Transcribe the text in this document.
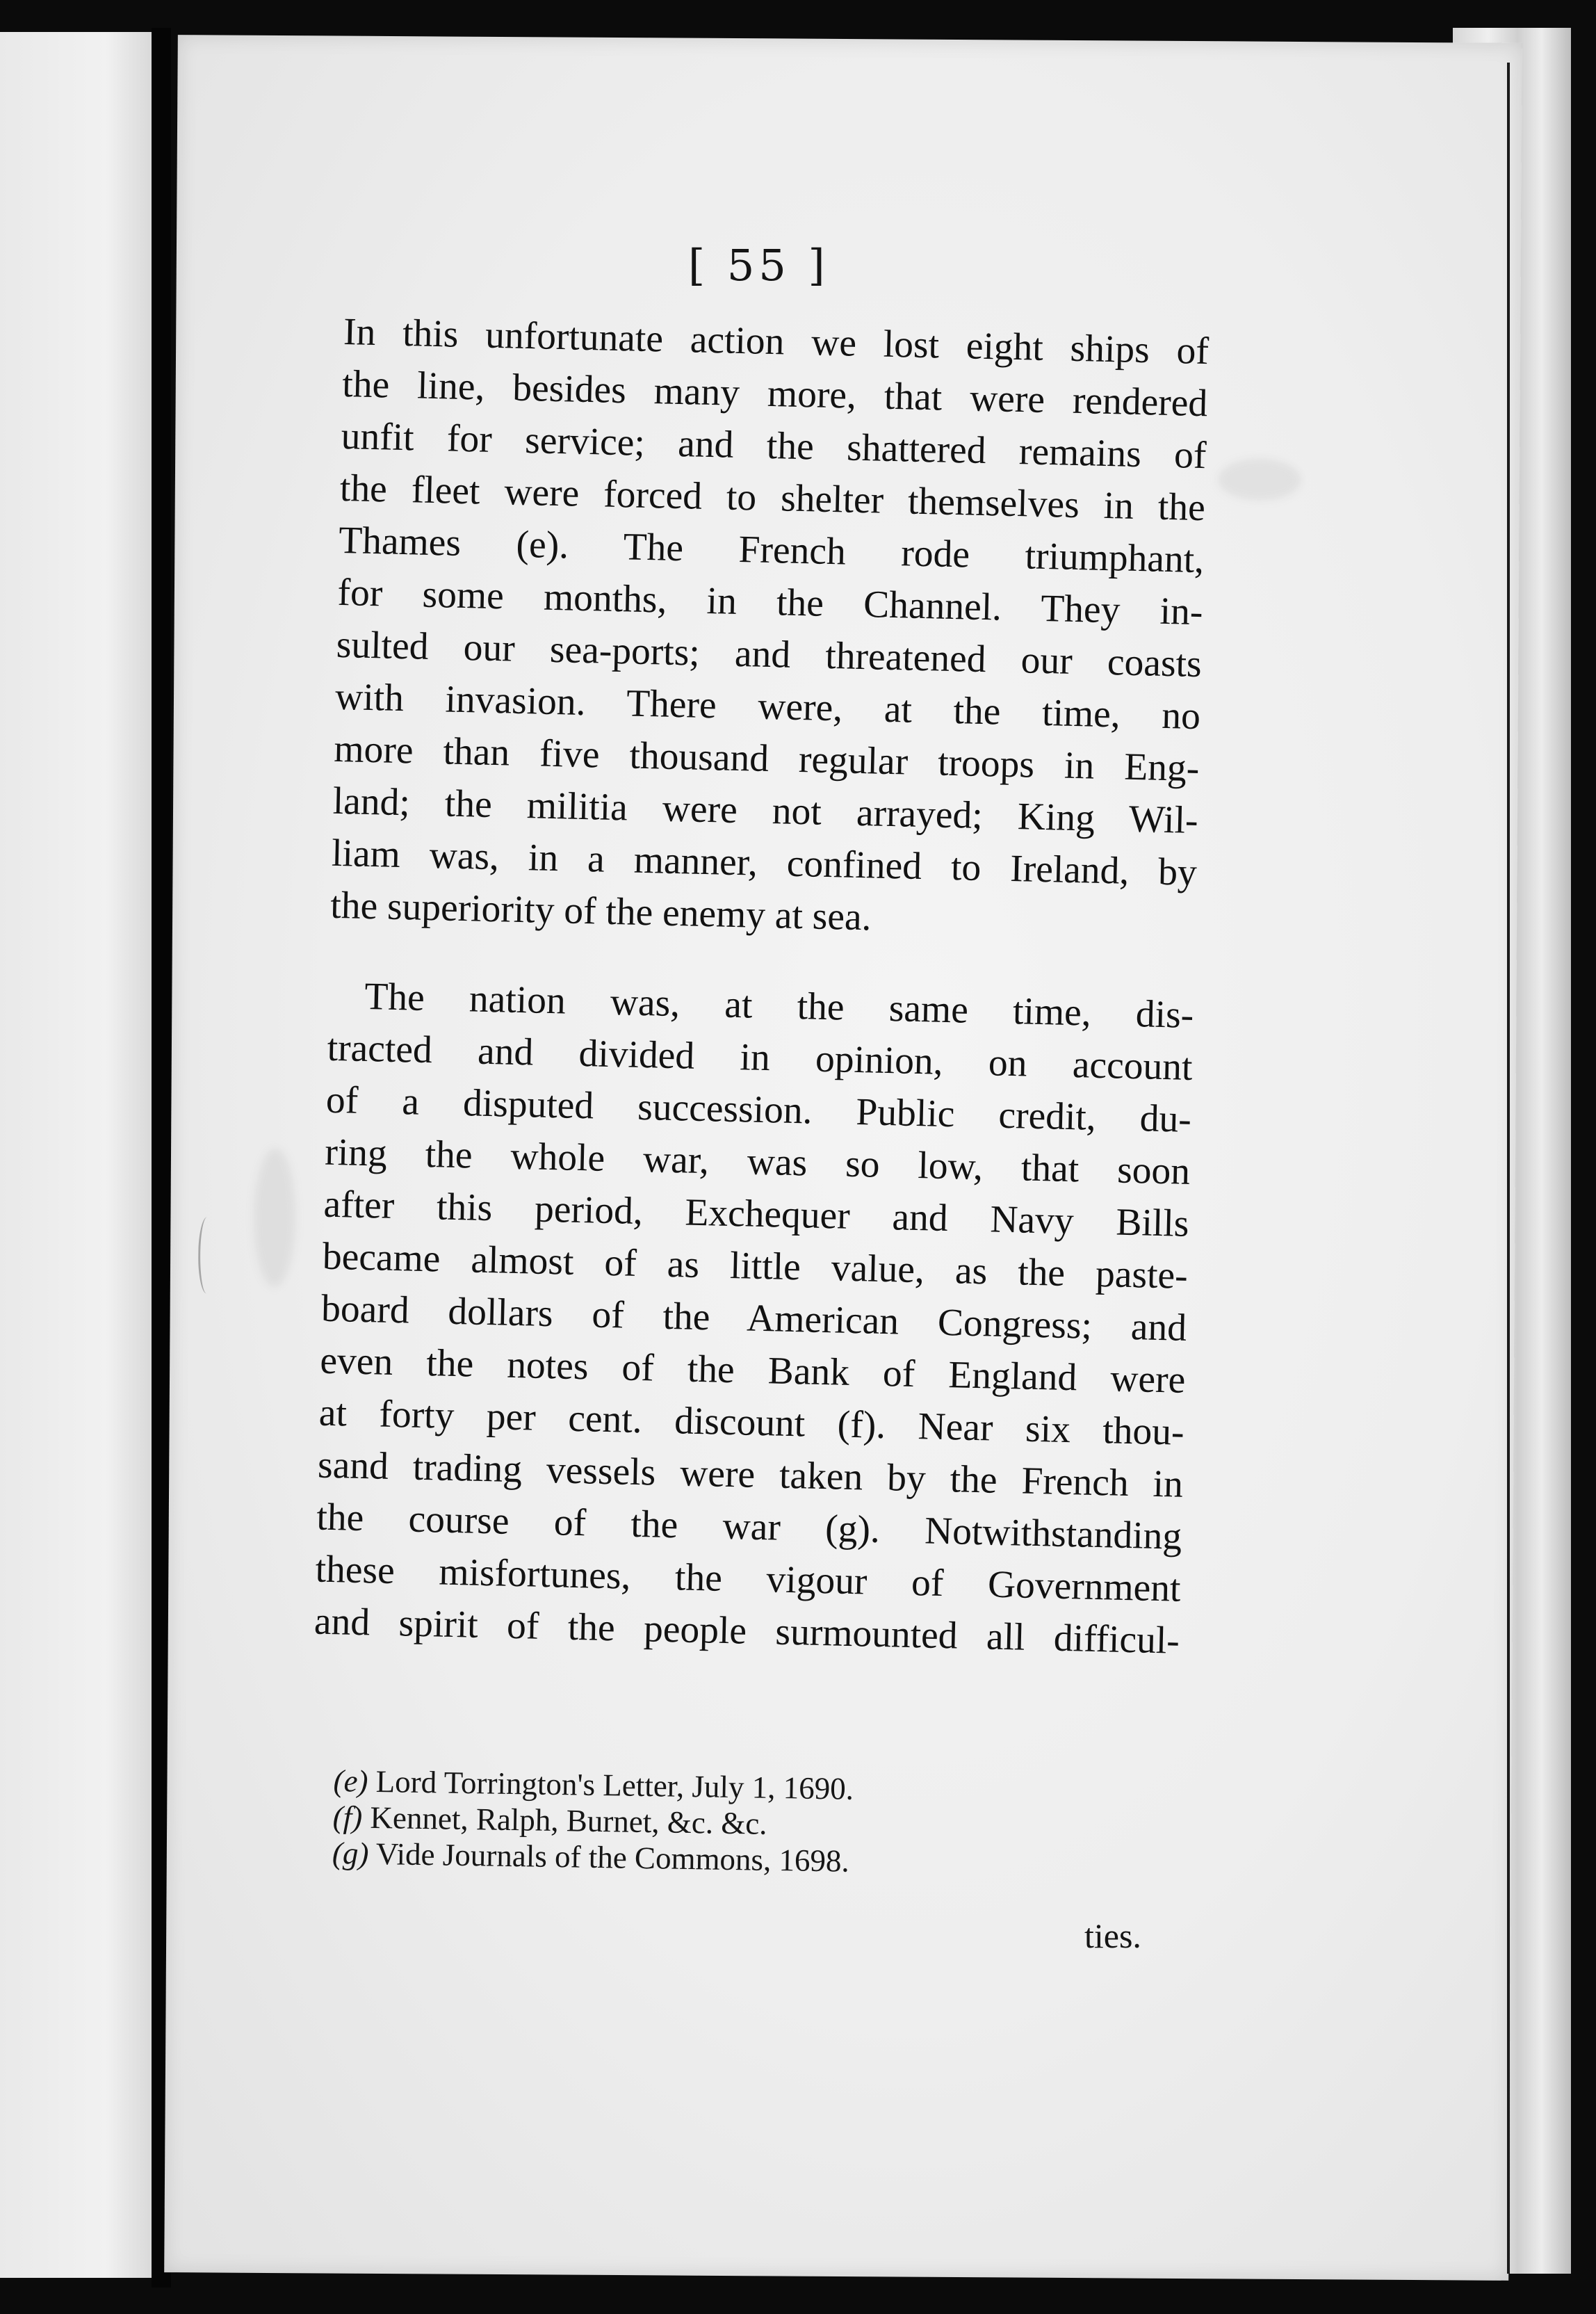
[ 55 ]

In this unfortunate action we lost eight ships of
the line, besides many more, that were rendered
unfit for service; and the shattered remains of
the fleet were forced to shelter themselves in the
Thames (e). The French rode triumphant,
for some months, in the Channel. They in-
sulted our sea-ports; and threatened our coasts
with invasion. There were, at the time, no
more than five thousand regular troops in Eng-
land; the militia were not arrayed; King Wil-
liam was, in a manner, confined to Ireland, by
the superiority of the enemy at sea.

The nation was, at the same time, dis-
tracted and divided in opinion, on account
of a disputed succession. Public credit, du-
ring the whole war, was so low, that soon
after this period, Exchequer and Navy Bills
became almost of as little value, as the paste-
board dollars of the American Congress; and
even the notes of the Bank of England were
at forty per cent. discount (f). Near six thou-
sand trading vessels were taken by the French in
the course of the war (g). Notwithstanding
these misfortunes, the vigour of Government
and spirit of the people surmounted all difficul-

(e) Lord Torrington's Letter, July 1, 1690.
(f) Kennet, Ralph, Burnet, &c. &c.
(g) Vide Journals of the Commons, 1698.
ties.
